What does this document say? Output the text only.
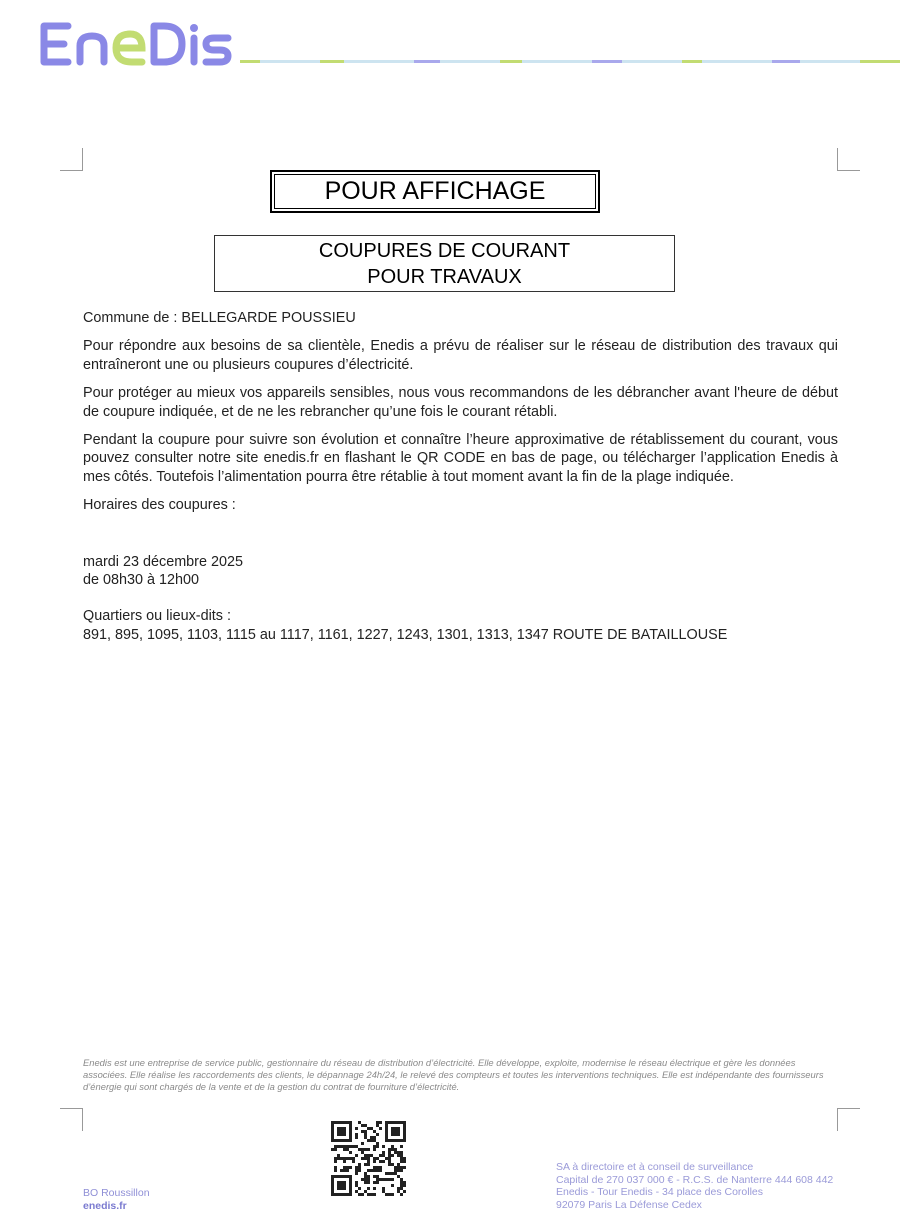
POUR AFFICHAGE
COUPURES DE COURANT
POUR TRAVAUX

Commune de : BELLEGARDE POUSSIEU

Pour répondre aux besoins de sa clientèle, Enedis a prévu de réaliser sur le réseau de distribution des travaux qui entraîneront une ou plusieurs coupures d’électricité.

Pour protéger au mieux vos appareils sensibles, nous vous recommandons de les débrancher avant l'heure de début de coupure indiquée, et de ne les rebrancher qu’une fois le courant rétabli.

Pendant la coupure pour suivre son évolution et connaître l’heure approximative de rétablissement du courant, vous pouvez consulter notre site enedis.fr en flashant le QR CODE en bas de page, ou télécharger l’application Enedis à mes côtés. Toutefois l’alimentation pourra être rétablie à tout moment avant la fin de la plage indiquée.

Horaires des coupures :

mardi 23 décembre 2025

de 08h30 à 12h00

Quartiers ou lieux-dits :

891, 895, 1095, 1103, 1115 au 1117, 1161, 1227, 1243, 1301, 1313, 1347 ROUTE DE BATAILLOUSE

Enedis est une entreprise de service public, gestionnaire du réseau de distribution d’électricité. Elle développe, exploite, modernise le réseau électrique et gère les données associées. Elle réalise les raccordements des clients, le dépannage 24h/24, le relevé des compteurs et toutes les interventions techniques. Elle est indépendante des fournisseurs d’énergie qui sont chargés de la vente et de la gestion du contrat de fourniture d’électricité.
BO Roussillon
enedis.fr
SA à directoire et à conseil de surveillance
Capital de 270 037 000 € - R.C.S. de Nanterre 444 608 442
Enedis - Tour Enedis - 34 place des Corolles
92079 Paris La Défense Cedex
